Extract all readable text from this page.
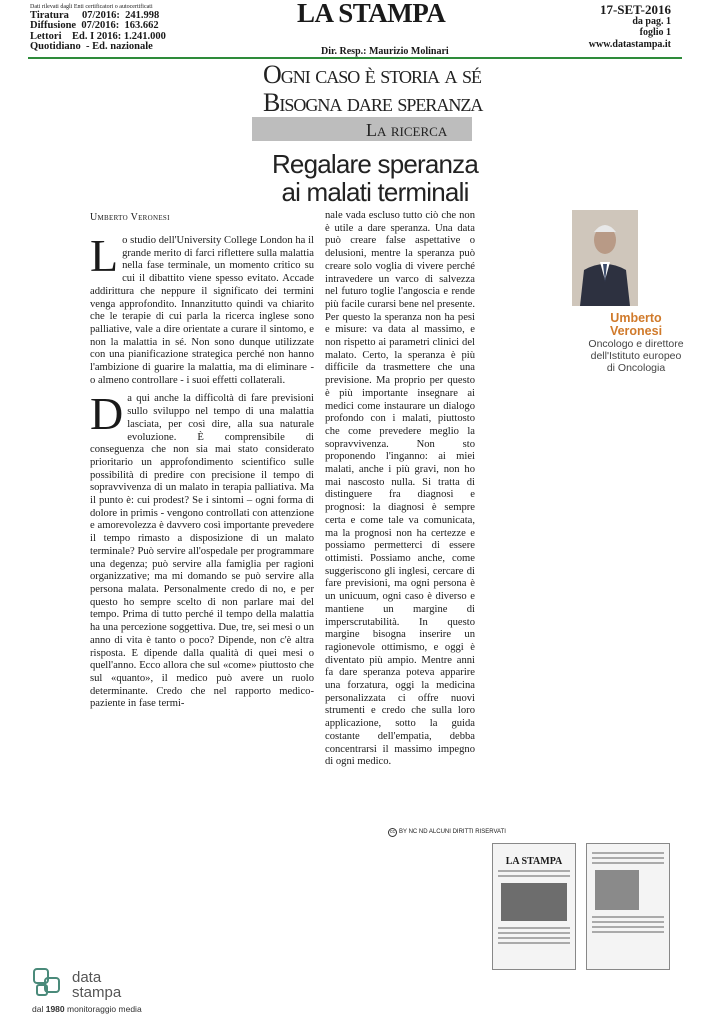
Dati rilevati dagli Enti certificatori o autocertificati
Tiratura     07/2016:  241.998
Diffusione  07/2016:  163.662
Lettori    Ed. I 2016: 1.241.000
Quotidiano  - Ed. nazionale
LA STAMPA
Dir. Resp.: Maurizio Molinari
17-SET-2016
da pag. 1
foglio 1
www.datastampa.it
Ogni caso è storia a sé
Bisogna dare speranza
La ricerca
Regalare speranza ai malati terminali
Umberto Veronesi

L o studio dell'University College London ha il grande merito di farci riflettere sulla malattia nella fase terminale, un momento critico su cui il dibattito viene spesso evitato. Accade addirittura che neppure il significato dei termini venga approfondito. Innanzitutto quindi va chiarito che le terapie di cui parla la ricerca inglese sono palliative, vale a dire orientate a curare il sintomo, e non la malattia in sé. Non sono dunque utilizzate con una pianificazione strategica perché non hanno l'ambizione di guarire la malattia, ma di eliminare - o almeno controllare - i suoi effetti collaterali.

D a qui anche la difficoltà di fare previsioni sullo sviluppo nel tempo di una malattia lasciata, per così dire, alla sua naturale evoluzione. È comprensibile di conseguenza che non sia mai stato considerato prioritario un approfondimento scientifico sulle possibilità di predire con precisione il tempo di sopravvivenza di un malato in terapia palliativa. Ma il punto è: cui prodest? Se i sintomi – ogni forma di dolore in primis - vengono controllati con attenzione e amorevolezza è davvero così importante prevedere il tempo rimasto a disposizione di un malato terminale? Può servire all'ospedale per programmare una degenza; può servire alla famiglia per ragioni organizzative; ma mi domando se può servire alla persona malata. Personalmente credo di no, e per questo ho sempre scelto di non parlare mai del tempo. Prima di tutto perché il tempo della malattia ha una percezione soggettiva. Due, tre, sei mesi o un anno di vita è tanto o poco? Dipende, non c'è altra risposta. E dipende dalla qualità di quei mesi o quell'anno. Ecco allora che sul «come» piuttosto che sul «quanto», il medico può avere un ruolo determinante. Credo che nel rapporto medico-paziente in fase termi-

nale vada escluso tutto ciò che non è utile a dare speranza. Una data può creare false aspettative o delusioni, mentre la speranza può creare solo voglia di vivere perché intravedere un varco di salvezza nel futuro toglie l'angoscia e rende più facile curarsi bene nel presente. Per questo la speranza non ha pesi e misure: va data al massimo, e non rispetto ai parametri clinici del malato. Certo, la speranza è più difficile da trasmettere che una previsione. Ma proprio per questo è più importante insegnare ai medici come instaurare un dialogo profondo con i malati, piuttosto che come prevedere meglio la sopravvivenza. Non sto proponendo l'inganno: ai miei malati, anche i più gravi, non ho mai nascosto nulla. Si tratta di distinguere fra diagnosi e prognosi: la diagnosi è sempre certa e come tale va comunicata, ma la prognosi non ha certezze e possiamo permetterci di essere ottimisti. Possiamo anche, come suggeriscono gli inglesi, cercare di fare previsioni, ma ogni persona è un unicuum, ogni caso è diverso e mantiene un margine di imperscrutabilità. In questo margine bisogna inserire un ragionevole ottimismo, e oggi è diventato più ampio. Mentre anni fa dare speranza poteva apparire una forzatura, oggi la medicina personalizzata ci offre nuovi strumenti e credo che sulla loro applicazione, sotto la guida costante dell'empatia, debba concentrarsi il massimo impegno di ogni medico.

cc BY NC ND ALCUNI DIRITTI RISERVATI
Umberto
Veronesi
Oncologo e direttore dell'Istituto europeo di Oncologia
LA STAMPA
data
stampa
dal 1980 monitoraggio media
